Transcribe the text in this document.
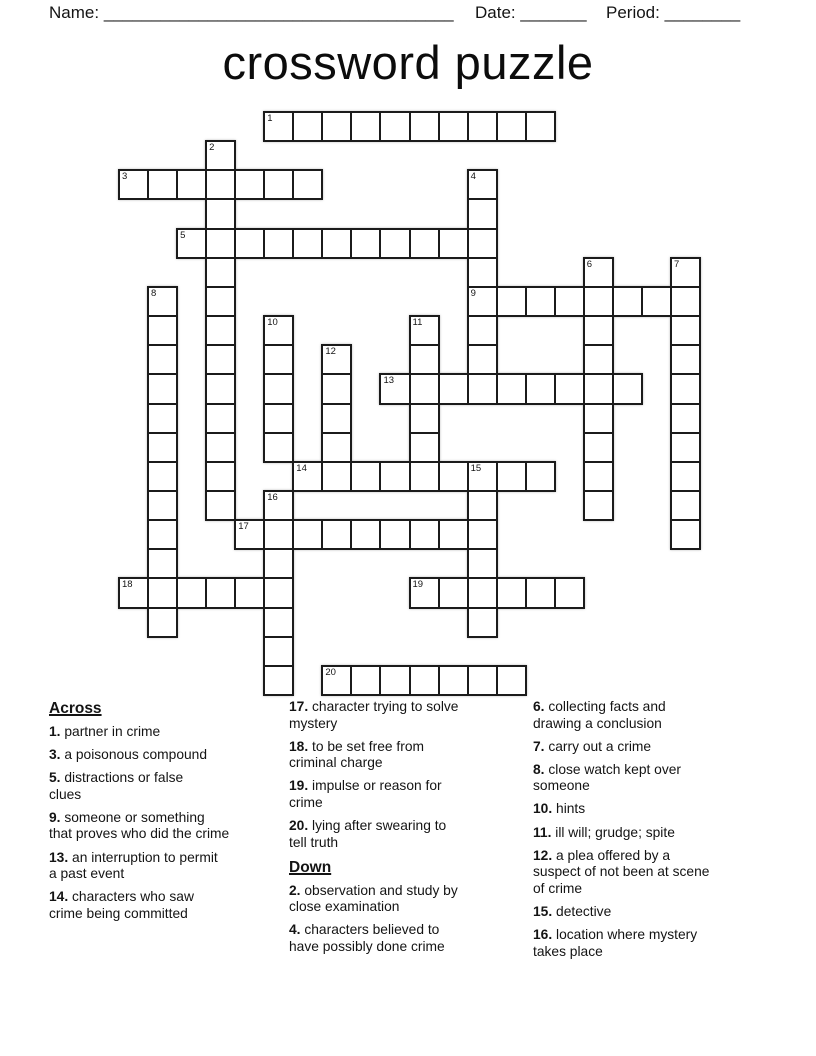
Name: _____________________________________ Date: _______ Period: ________
crossword puzzle
1
3
5
9
13
14	15
17
18	19
20
2
4
6	7
8
10	11
12
16
Across
1. partner in crime
3. a poisonous compound
5. distractions or false
clues
9. someone or something
that proves who did the crime
13. an interruption to permit
a past event
14. characters who saw
crime being committed
17. character trying to solve
mystery
18. to be set free from
criminal charge
19. impulse or reason for
crime
20. lying after swearing to
tell truth
Down
2. observation and study by
close examination
4. characters believed to
have possibly done crime
6. collecting facts and
drawing a conclusion
7. carry out a crime
8. close watch kept over
someone
10. hints
11. ill will; grudge; spite
12. a plea offered by a
suspect of not been at scene
of crime
15. detective
16. location where mystery
takes place
